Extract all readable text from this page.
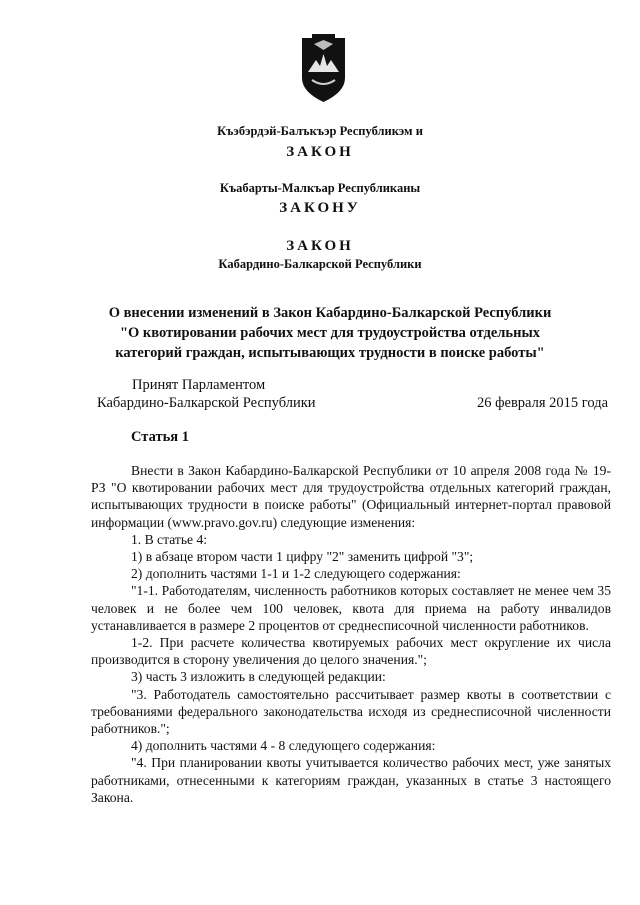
Къэбэрдэй-Балъкъэр Республикэм и
ЗАКОН
Къабарты-Малкъар Республиканы
ЗАКОНУ
ЗАКОН
Кабардино-Балкарской Республики
О внесении изменений в Закон Кабардино-Балкарской Республики
"О квотировании рабочих мест для трудоустройства отдельных
категорий граждан, испытывающих трудности в поиске работы"
Принят Парламентом
Кабардино-Балкарской Республики	26 февраля 2015 года
Статья 1

Внести в Закон Кабардино-Балкарской Республики от 10 апреля 2008 года № 19-РЗ "О квотировании рабочих мест для трудоустройства отдельных категорий граждан, испытывающих трудности в поиске работы" (Официальный интернет-портал правовой информации (www.pravo.gov.ru) следующие изменения:

1. В статье 4:

1) в абзаце втором части 1 цифру "2" заменить цифрой "3";

2) дополнить частями 1-1 и 1-2 следующего содержания:

"1-1. Работодателям, численность работников которых составляет не менее чем 35 человек и не более чем 100 человек, квота для приема на работу инвалидов устанавливается в размере 2 процентов от среднесписочной численности работников.

1-2. При расчете количества квотируемых рабочих мест округление их числа производится в сторону увеличения до целого значения.";

3) часть 3 изложить в следующей редакции:

"3. Работодатель самостоятельно рассчитывает размер квоты в соответствии с требованиями федерального законодательства исходя из среднесписочной численности работников.";

4) дополнить частями 4 - 8 следующего содержания:

"4. При планировании квоты учитывается количество рабочих мест, уже занятых работниками, отнесенными к категориям граждан, указанных в статье 3 настоящего Закона.
